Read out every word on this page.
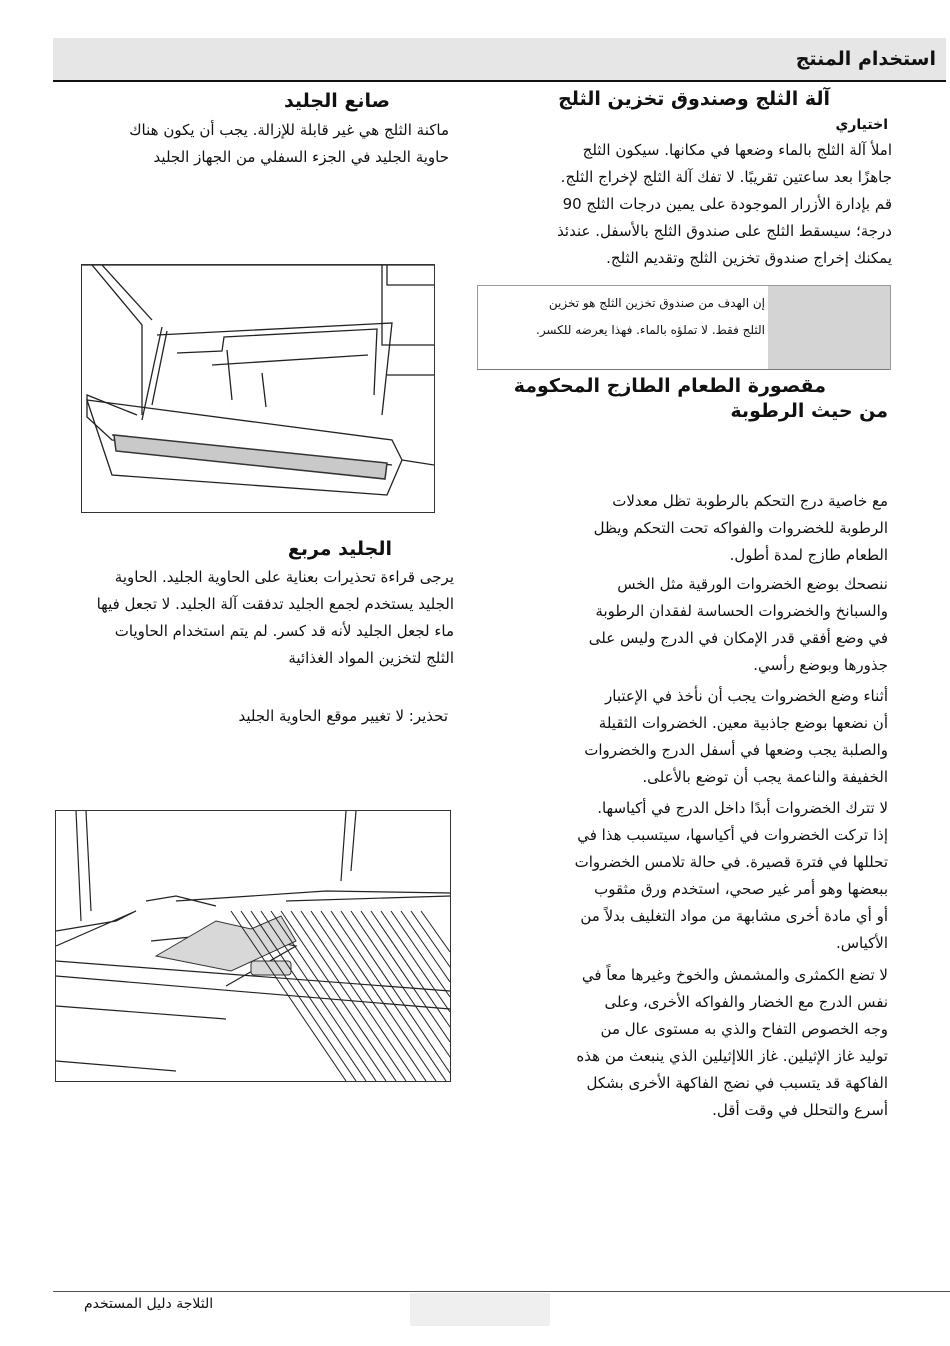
استخدام المنتج
آلة الثلج وصندوق تخزين الثلج
اختياري
املأ آلة الثلج بالماء وضعها في مكانها. سيكون الثلج
جاهزًا بعد ساعتين تقريبًا. لا تفك آلة الثلج لإخراج الثلج.
قم بإدارة الأزرار الموجودة على يمين درجات الثلج 90
درجة؛ سيسقط الثلج على صندوق الثلج بالأسفل. عندئذ
يمكنك إخراج صندوق تخزين الثلج وتقديم الثلج.
إن الهدف من صندوق تخزين الثلج هو تخزين
الثلج فقط. لا تملؤه بالماء. فهذا يعرضه للكسر.
مقصورة الطعام الطازج المحكومة
من حيث الرطوبة
مع خاصية درج التحكم بالرطوبة تظل معدلات
الرطوبة للخضروات والفواكه تحت التحكم ويظل
الطعام طازج لمدة أطول.
ننصحك بوضع الخضروات الورقية مثل الخس
والسبانخ والخضروات الحساسة لفقدان الرطوبة
في وضع أفقي قدر الإمكان في الدرج وليس على
جذورها وبوضع رأسي.
أثناء وضع الخضروات يجب أن نأخذ في الإعتبار
أن نضعها بوضع جاذبية معين. الخضروات الثقيلة
والصلبة يجب وضعها في أسفل الدرج والخضروات
الخفيفة والناعمة يجب أن توضع بالأعلى.
لا تترك الخضروات أبدًا داخل الدرج في أكياسها.
إذا تركت الخضروات في أكياسها، سيتسبب هذا في
تحللها في فترة قصيرة. في حالة تلامس الخضروات
ببعضها وهو أمر غير صحي، استخدم ورق مثقوب
أو أي مادة أخرى مشابهة من مواد التغليف بدلاً من
الأكياس.
لا تضع الكمثرى والمشمش والخوخ وغيرها معاً في
نفس الدرج مع الخضار والفواكه الأخرى، وعلى
وجه الخصوص التفاح والذي به مستوى عال من
توليد غاز الإثيلين. غاز اللاإثيلين الذي ينبعث من هذه
الفاكهة قد يتسبب في نضج الفاكهة الأخرى بشكل
أسرع والتحلل في وقت أقل.
صانع الجليد
ماكنة الثلج هي غير قابلة للإزالة. يجب أن يكون هناك
حاوية الجليد في الجزء السفلي من الجهاز الجليد
الجليد مربع
يرجى قراءة تحذيرات بعناية على الحاوية الجليد. الحاوية
الجليد يستخدم لجمع الجليد تدفقت آلة الجليد. لا تجعل فيها
ماء لجعل الجليد لأنه قد كسر. لم يتم استخدام الحاويات
الثلج لتخزين المواد الغذائية
تحذير: لا تغيير موقع الحاوية الجليد
الثلاجة دليل المستخدم
